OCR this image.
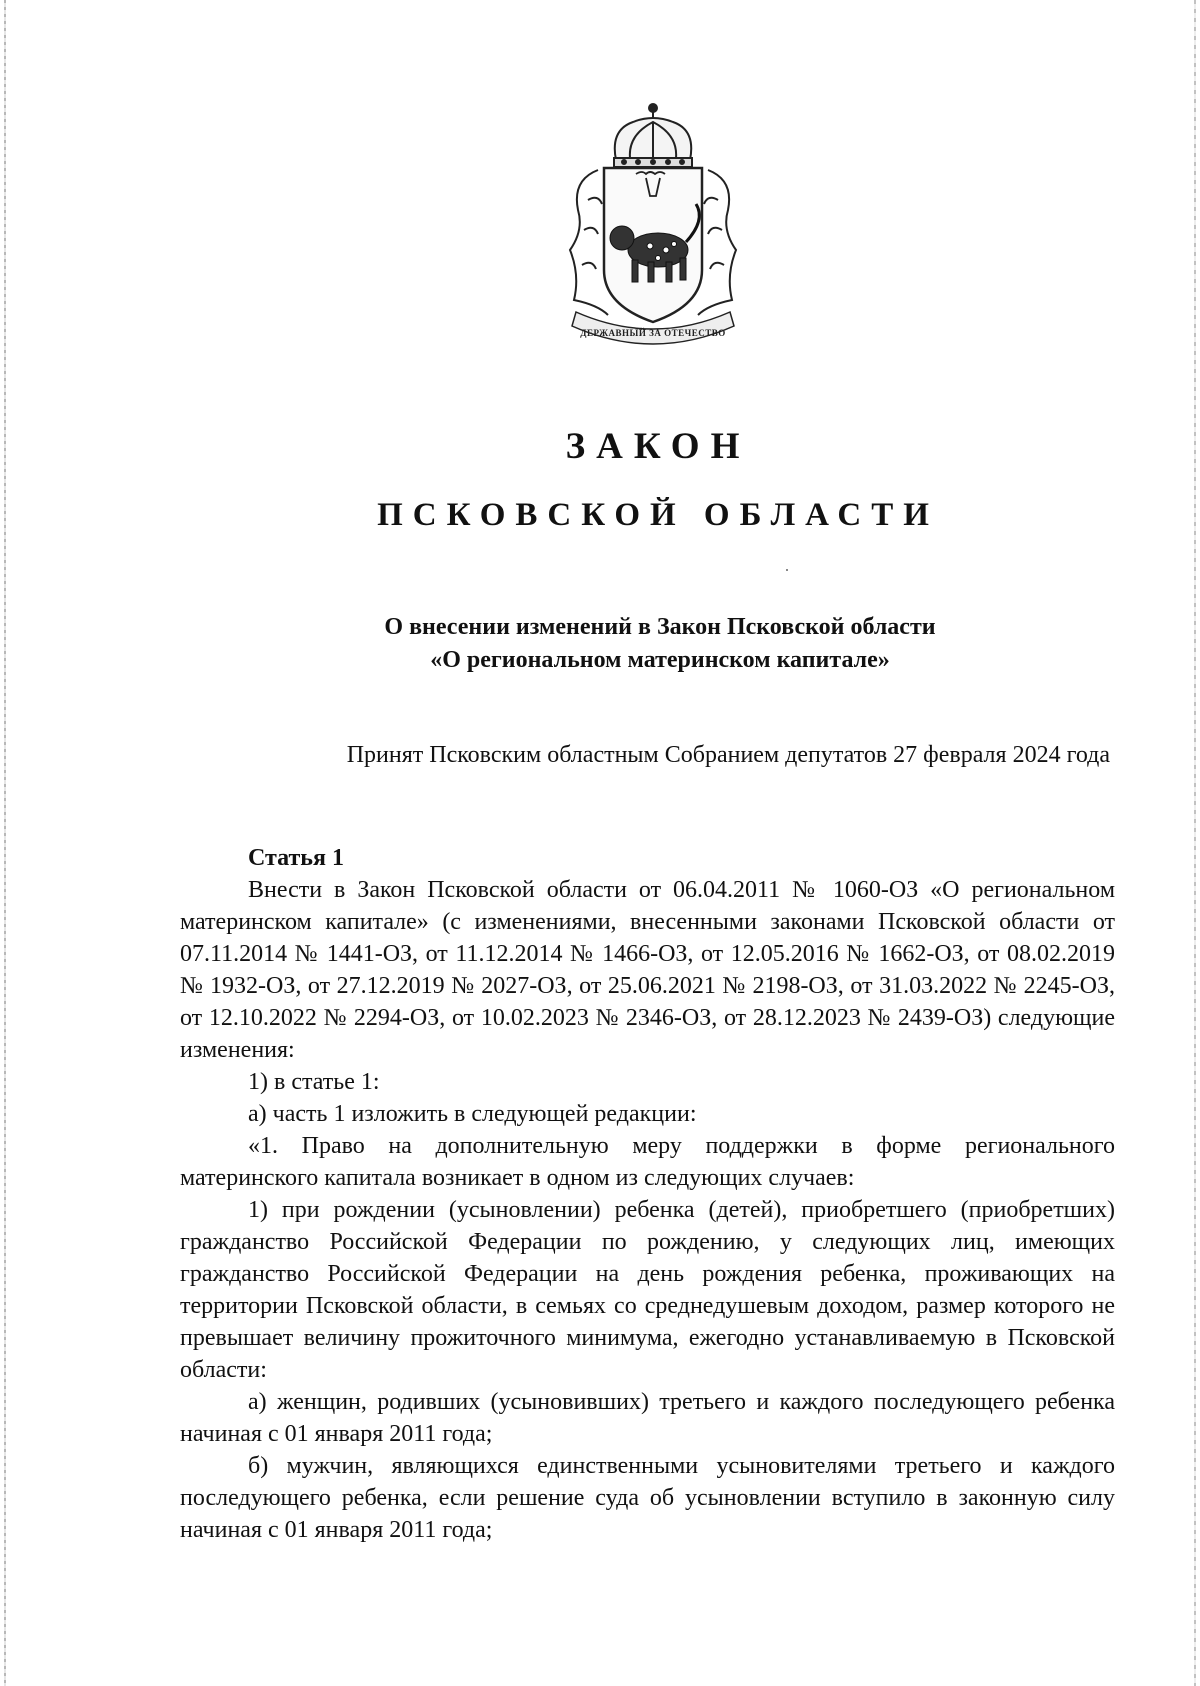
ДЕРЖАВНЫЙ ЗА ОТЕЧЕСТВО
ЗАКОН
ПСКОВСКОЙ ОБЛАСТИ
О внесении изменений в Закон Псковской области
«О региональном материнском капитале»
Принят Псковским областным Собранием депутатов 27 февраля 2024 года

Статья 1

Внести в Закон Псковской области от 06.04.2011 № 1060-ОЗ «О региональном материнском капитале» (с изменениями, внесенными законами Псковской области от 07.11.2014 № 1441-ОЗ, от 11.12.2014 № 1466-ОЗ, от 12.05.2016 № 1662-ОЗ, от 08.02.2019 № 1932-ОЗ, от 27.12.2019 № 2027-ОЗ, от 25.06.2021 № 2198-ОЗ, от 31.03.2022 № 2245-ОЗ, от 12.10.2022 № 2294-ОЗ, от 10.02.2023 № 2346-ОЗ, от 28.12.2023 № 2439-ОЗ) следующие изменения:

1) в статье 1:

а) часть 1 изложить в следующей редакции:

«1. Право на дополнительную меру поддержки в форме регионального материнского капитала возникает в одном из следующих случаев:

1) при рождении (усыновлении) ребенка (детей), приобретшего (приобретших) гражданство Российской Федерации по рождению, у следующих лиц, имеющих гражданство Российской Федерации на день рождения ребенка, проживающих на территории Псковской области, в семьях со среднедушевым доходом, размер которого не превышает величину прожиточного минимума, ежегодно устанавливаемую в Псковской области:

а) женщин, родивших (усыновивших) третьего и каждого последующего ребенка начиная с 01 января 2011 года;

б) мужчин, являющихся единственными усыновителями третьего и каждого последующего ребенка, если решение суда об усыновлении вступило в законную силу начиная с 01 января 2011 года;
